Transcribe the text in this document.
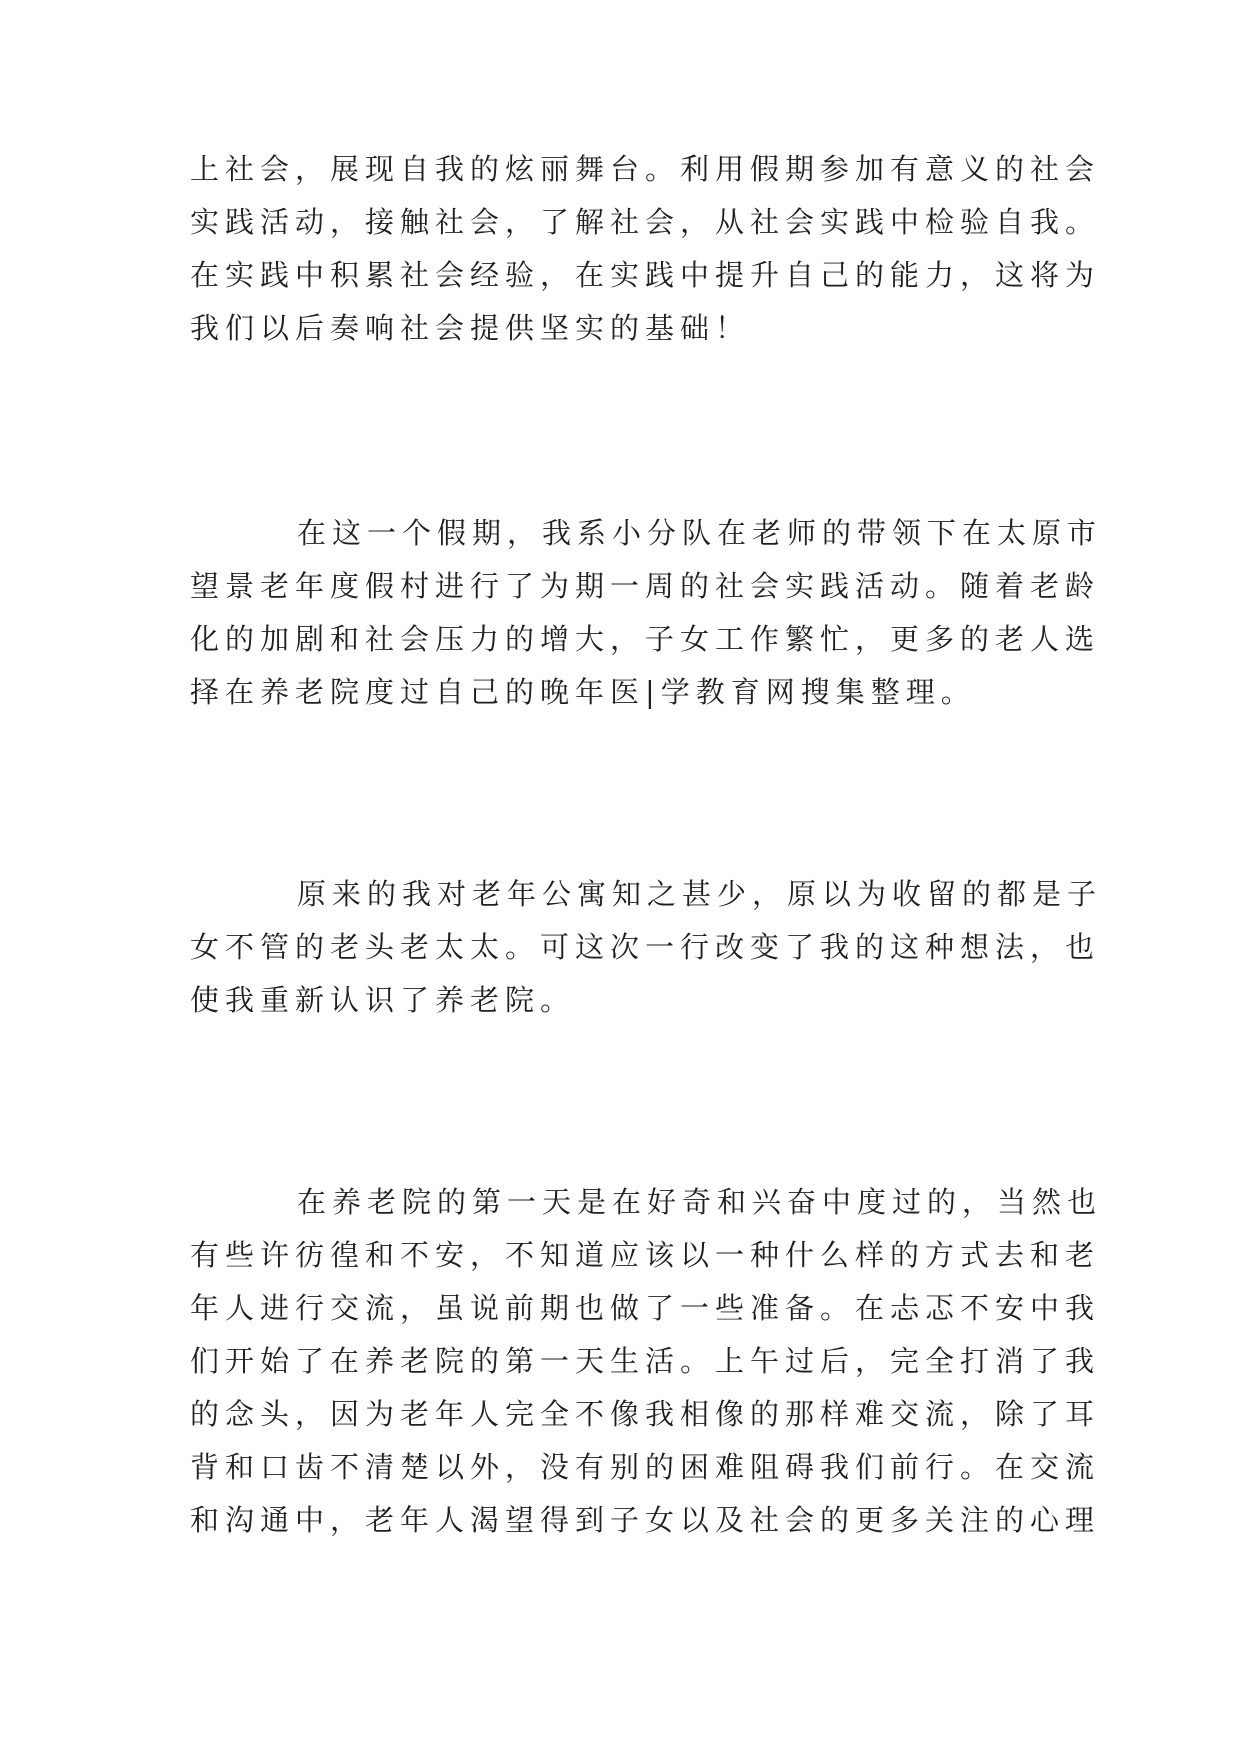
上社会，展现自我的炫丽舞台。利用假期参加有意义的社会

实践活动，接触社会，了解社会，从社会实践中检验自我。

在实践中积累社会经验，在实践中提升自己的能力，这将为

我们以后奏响社会提供坚实的基础！

在这一个假期，我系小分队在老师的带领下在太原市

望景老年度假村进行了为期一周的社会实践活动。随着老龄

化的加剧和社会压力的增大，子女工作繁忙，更多的老人选

择在养老院度过自己的晚年医|学教育网搜集整理。

原来的我对老年公寓知之甚少，原以为收留的都是子

女不管的老头老太太。可这次一行改变了我的这种想法，也

使我重新认识了养老院。

在养老院的第一天是在好奇和兴奋中度过的，当然也

有些许彷徨和不安，不知道应该以一种什么样的方式去和老

年人进行交流，虽说前期也做了一些准备。在忐忑不安中我

们开始了在养老院的第一天生活。上午过后，完全打消了我

的念头，因为老年人完全不像我相像的那样难交流，除了耳

背和口齿不清楚以外，没有别的困难阻碍我们前行。在交流

和沟通中，老年人渴望得到子女以及社会的更多关注的心理
